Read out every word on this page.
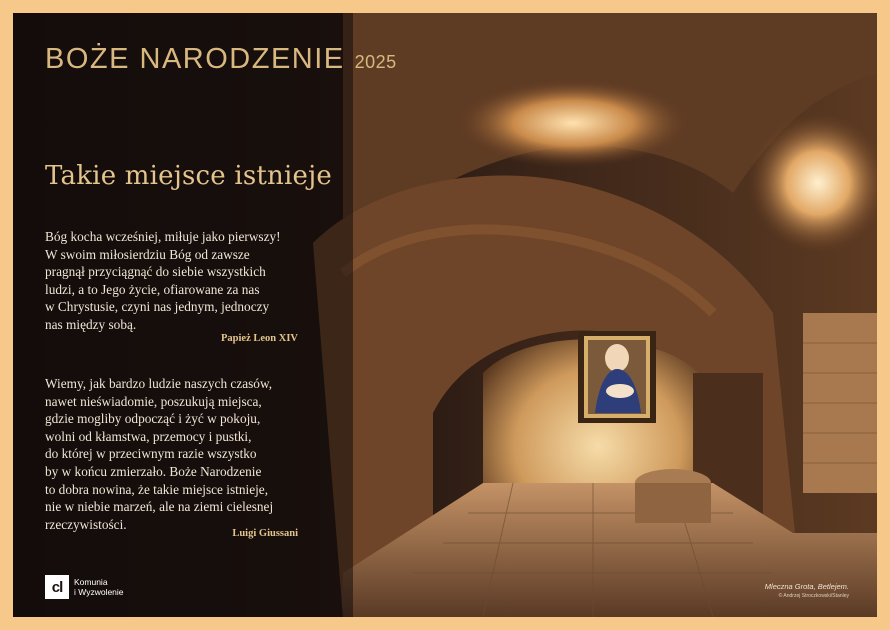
BOŻE NARODZENIE 2025
Takie miejsce istnieje
Bóg kocha wcześniej, miłuje jako pierwszy!
W swoim miłosierdziu Bóg od zawsze
pragnął przyciągnąć do siebie wszystkich
ludzi, a to Jego życie, ofiarowane za nas
w Chrystusie, czyni nas jednym, jednoczy
nas między sobą.
Papież Leon XIV
Wiemy, jak bardzo ludzie naszych czasów,
nawet nieświadomie, poszukują miejsca,
gdzie mogliby odpocząć i żyć w pokoju,
wolni od kłamstwa, przemocy i pustki,
do której w przeciwnym razie wszystko
by w końcu zmierzało. Boże Narodzenie
to dobra nowina, że takie miejsce istnieje,
nie w niebie marzeń, ale na ziemi cielesnej
rzeczywistości.
Luigi Giussani
cl	Komunia
i Wyzwolenie
Mleczna Grota, Betlejem.
© Andrzej Stroczkowski/Stanley
